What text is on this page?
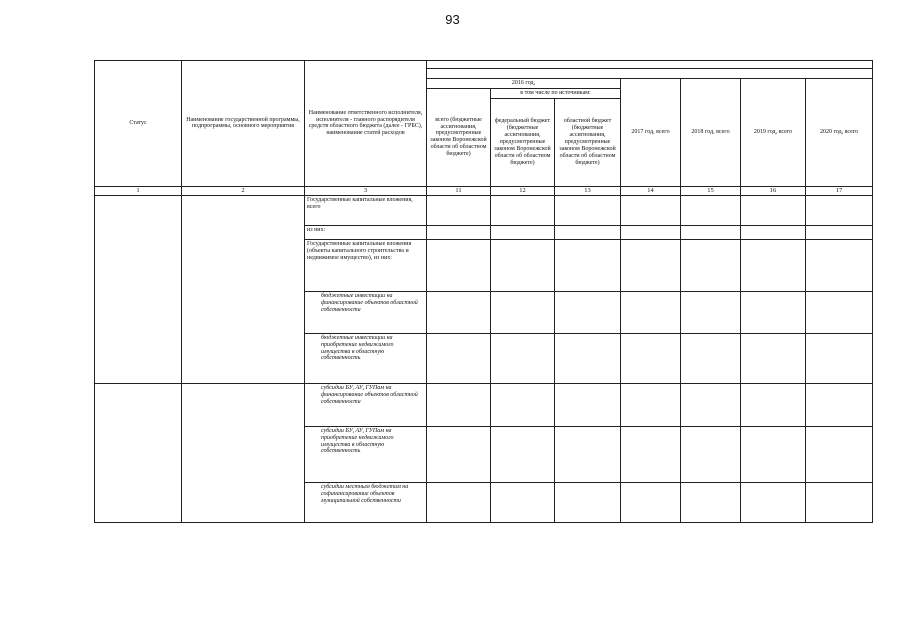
93
Статус	Наименование государственной программы, подпрограммы, основного мероприятия	Наименование ответственного исполнителя, исполнителя - главного распорядителя средств областного бюджета (далее - ГРБС), наименование статей расходов							

			2016 год,			2017 год, всего	2018 год, всего	2019 год, всего	2020 год, всего
			всего (бюджетные ассигнования, предусмотренные законом Воронежской области об областном бюджете)	в том числе по источникам:					
				федеральный бюджет (бюджетные ассигнования, предусмотренные законом Воронежской области об областном бюджете)	областной бюджет (бюджетные ассигнования, предусмотренные законом Воронежской области об областном бюджете)				
1	2	3	11	12	13	14	15	16	17
		Государственные капитальные вложения, всего							
		из них:							
		Государственные капитальные вложения (объекты капитального строительства и недвижимое имущество), из них:							
		бюджетные инвестиции на финансирование объектов областной собственности							
		бюджетные инвестиции на приобретение недвижимого имущества в областную собственность							
		субсидии БУ, АУ, ГУПам на финансирование объектов областной собственности							
		субсидии БУ, АУ, ГУПам на приобретение недвижимого имущества в областную собственность							
		субсидии местным бюджетам на софинансирование объектов муниципальной собственности							
